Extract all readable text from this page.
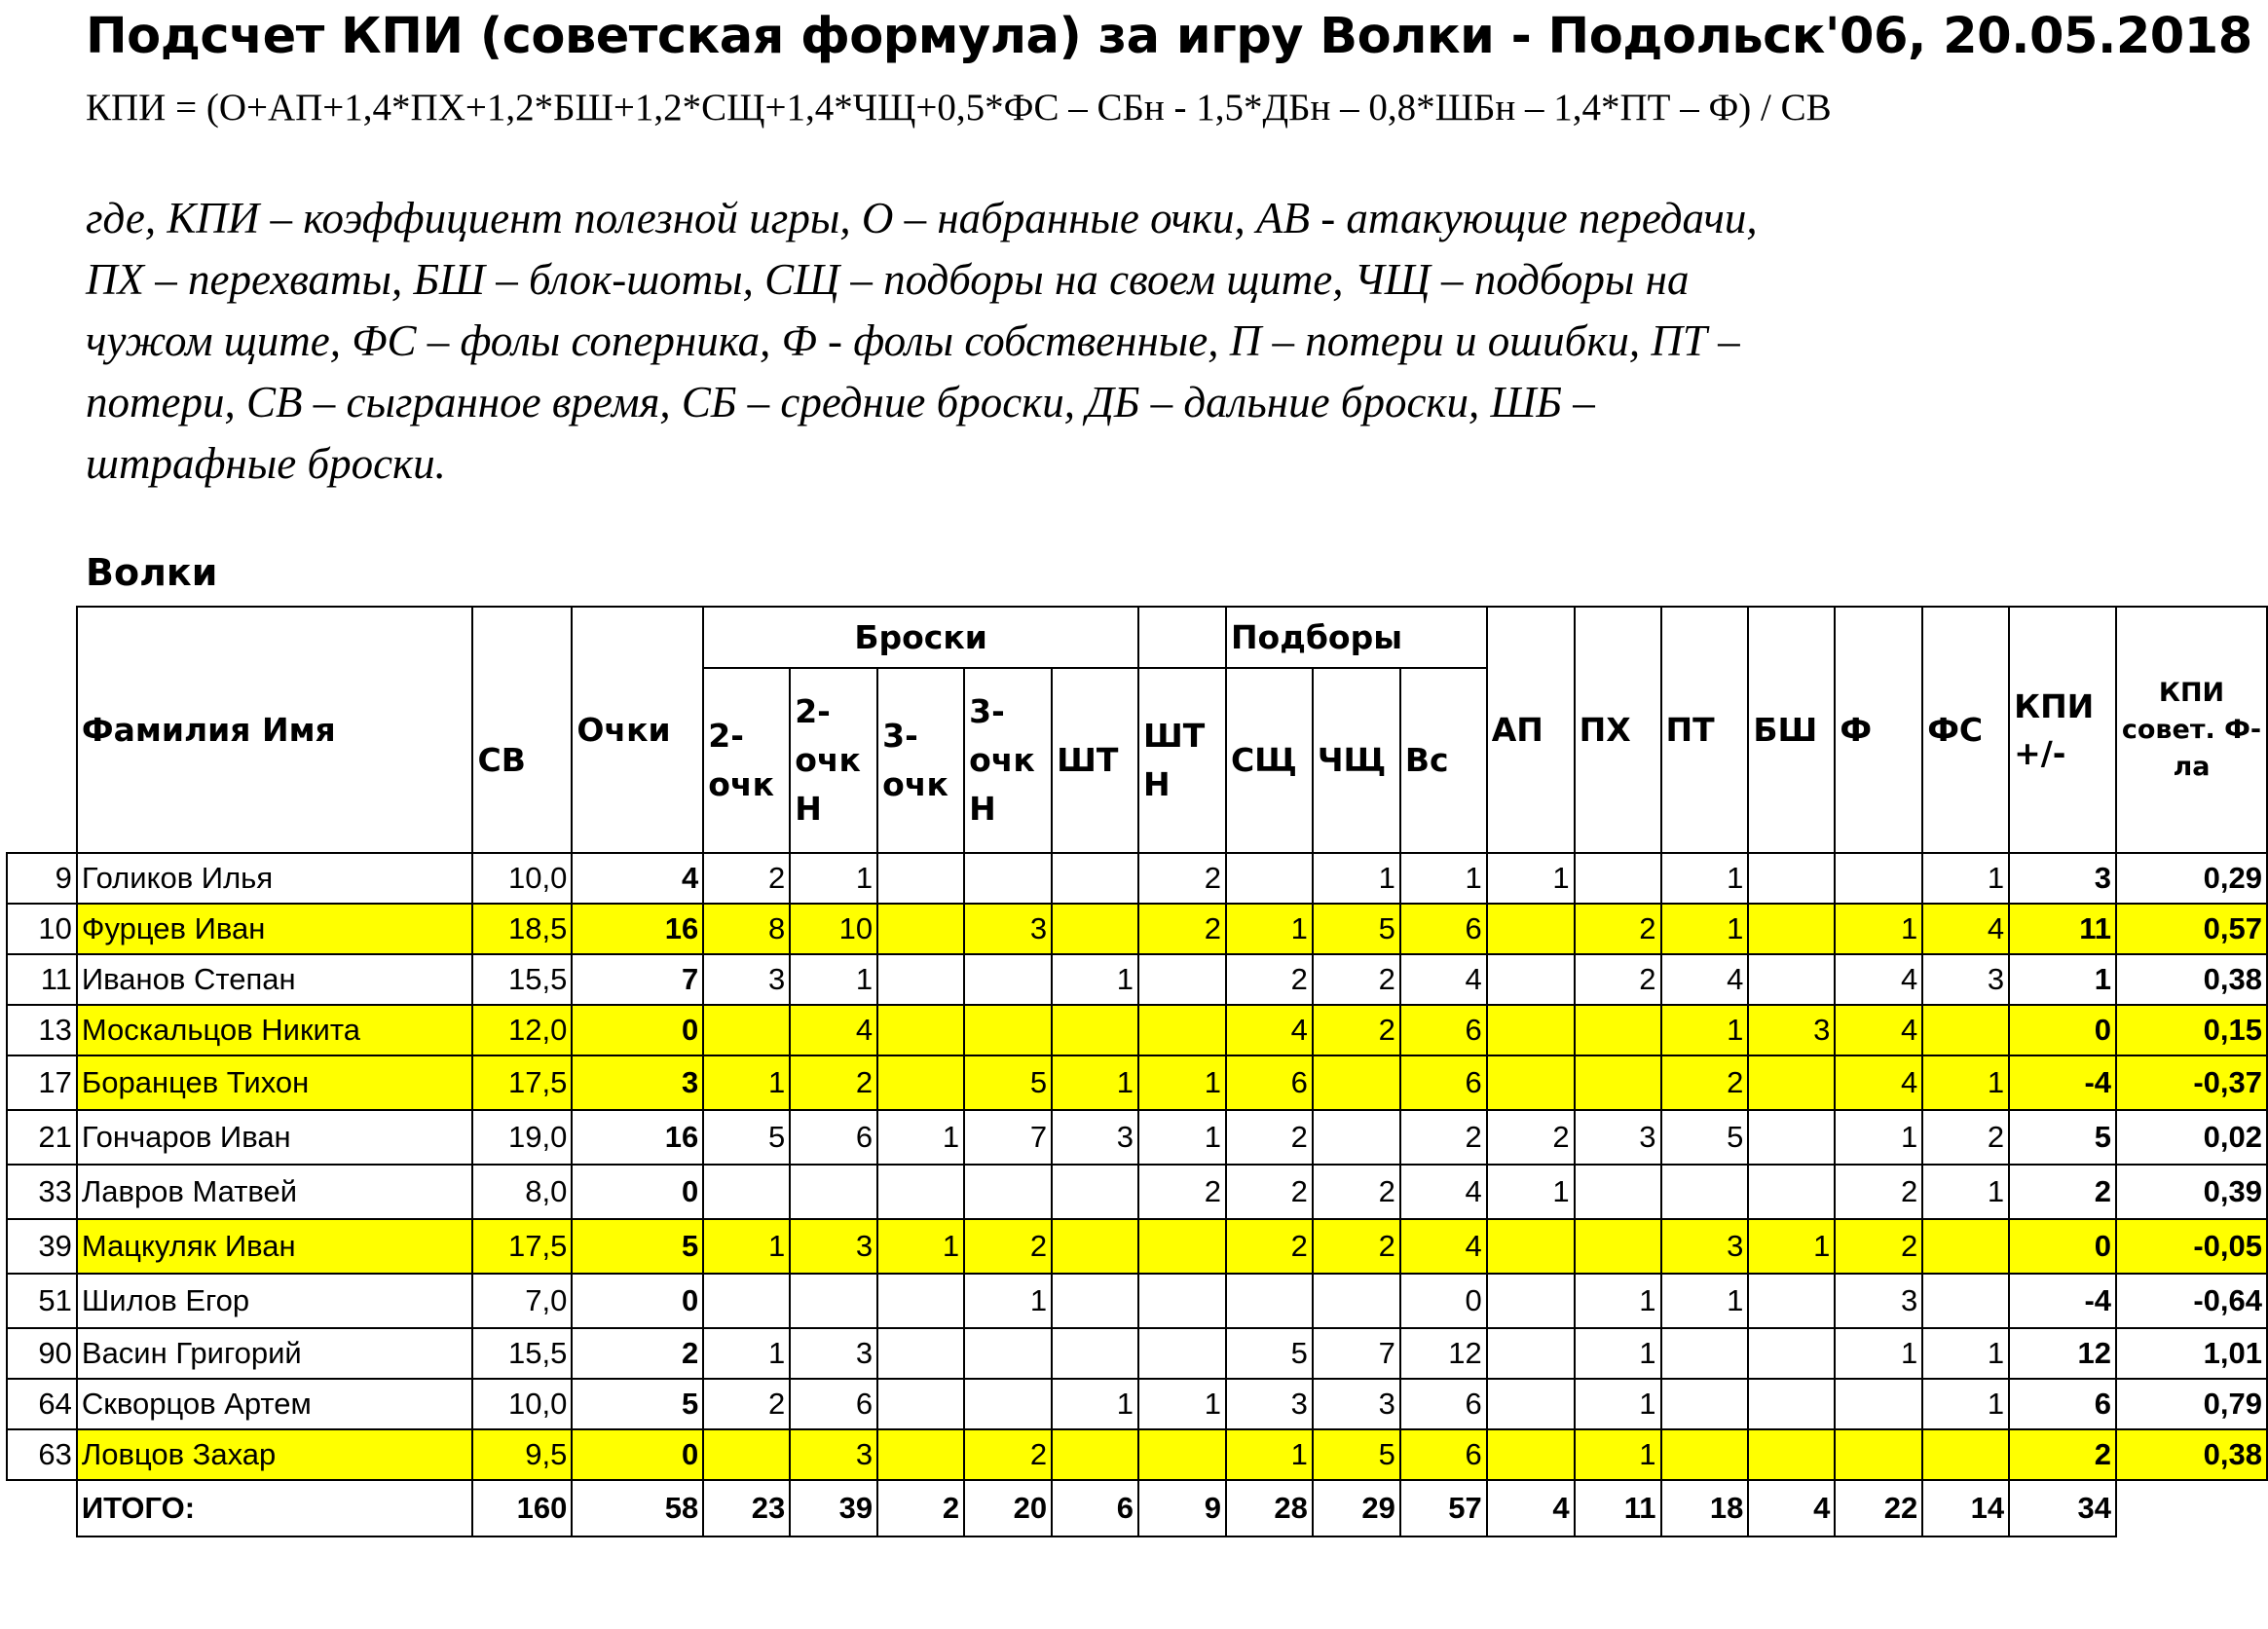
Подсчет КПИ (советская формула) за игру Волки - Подольск'06, 20.05.2018
КПИ = (О+АП+1,4*ПХ+1,2*БШ+1,2*СЩ+1,4*ЧЩ+0,5*ФС – СБн - 1,5*ДБн – 0,8*ШБн – 1,4*ПТ – Ф) / СВ
где, КПИ – коэффициент полезной игры, О – набранные очки, АВ - атакующие передачи,
ПХ – перехваты, БШ – блок-шоты, СЩ – подборы на своем щите, ЧЩ – подборы на
чужом щите, ФС – фолы соперника, Ф - фолы собственные, П – потери и ошибки, ПТ –
потери, СВ – сыгранное время, СБ – средние броски, ДБ – дальние броски, ШБ –
штрафные броски.
Волки
	Фамилия Имя		Очки	Броски						Подборы			АП	ПХ	ПТ	БШ	Ф	ФС	КПИ +/-	КПИ совет. Ф-ла
		СВ		2-очк	2-очк Н	3-очк	3-очк Н	ШТ	ШТ Н	СЩ	ЧЩ	Вс								
9	Голиков Илья	10,0	4	2	1				2		1	1	1		1			1	3	0,29
10	Фурцев Иван	18,5	16	8	10		3		2	1	5	6		2	1		1	4	11	0,57
11	Иванов Степан	15,5	7	3	1			1		2	2	4		2	4		4	3	1	0,38
13	Москальцов Никита	12,0	0		4					4	2	6			1	3	4		0	0,15
17	Боранцев Тихон	17,5	3	1	2		5	1	1	6		6			2		4	1	-4	-0,37
21	Гончаров Иван	19,0	16	5	6	1	7	3	1	2		2	2	3	5		1	2	5	0,02
33	Лавров Матвей	8,0	0						2	2	2	4	1				2	1	2	0,39
39	Мацкуляк Иван	17,5	5	1	3	1	2			2	2	4			3	1	2		0	-0,05
51	Шилов Егор	7,0	0				1					0		1	1		3		-4	-0,64
90	Васин Григорий	15,5	2	1	3					5	7	12		1			1	1	12	1,01
64	Скворцов Артем	10,0	5	2	6			1	1	3	3	6		1				1	6	0,79
63	Ловцов Захар	9,5	0		3		2			1	5	6		1					2	0,38
	ИТОГО:	160	58	23	39	2	20	6	9	28	29	57	4	11	18	4	22	14	34	
